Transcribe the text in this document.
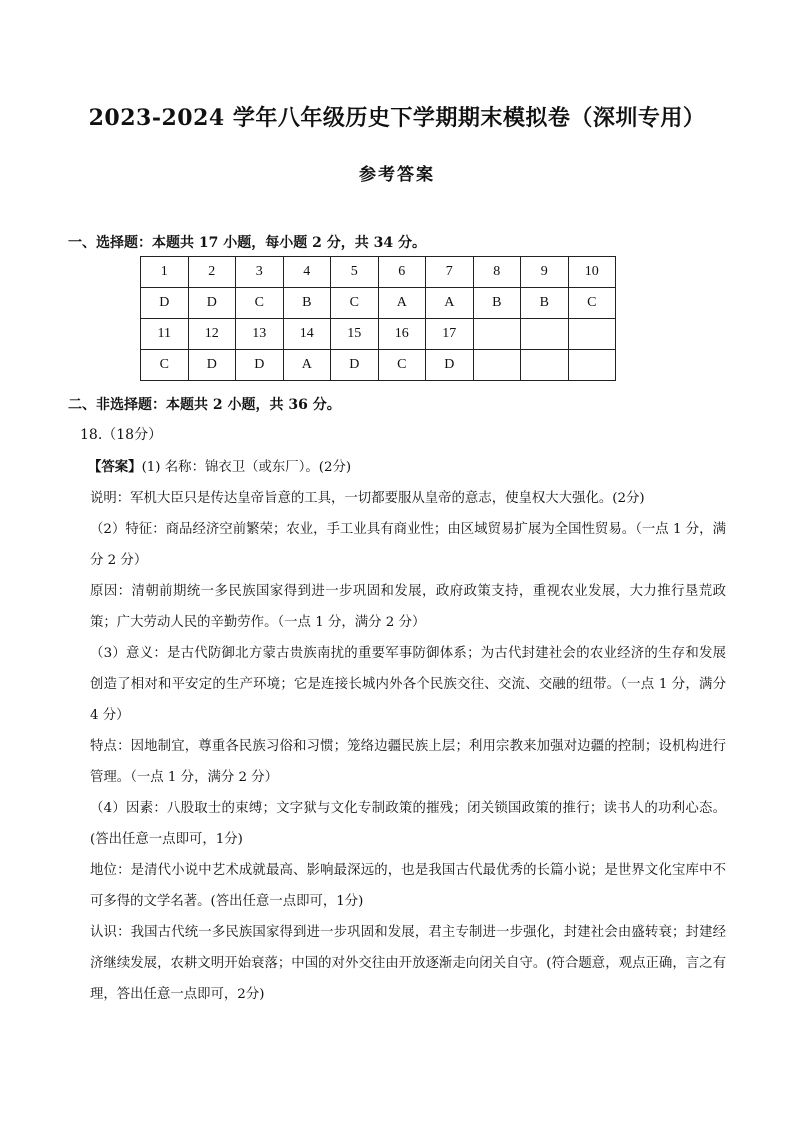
2023-2024 学年八年级历史下学期期末模拟卷（深圳专用）
参考答案
一、选择题：本题共 17 小题，每小题 2 分，共 34 分。
1	2	3	4	5	6	7	8	9	10
D	D	C	B	C	A	A	B	B	C
11	12	13	14	15	16	17			
C	D	D	A	D	C	D			
二、非选择题：本题共 2 小题，共 36 分。
18.（18分）

【答案】(1) 名称：锦衣卫（或东厂）。(2分)

说明：军机大臣只是传达皇帝旨意的工具，一切都要服从皇帝的意志，使皇权大大强化。(2分)

（2）特征：商品经济空前繁荣；农业，手工业具有商业性；由区域贸易扩展为全国性贸易。（一点 1 分，满分 2 分）

原因：清朝前期统一多民族国家得到进一步巩固和发展，政府政策支持，重视农业发展，大力推行垦荒政策；广大劳动人民的辛勤劳作。（一点 1 分，满分 2 分）

（3）意义：是古代防御北方蒙古贵族南扰的重要军事防御体系；为古代封建社会的农业经济的生存和发展创造了相对和平安定的生产环境；它是连接长城内外各个民族交往、交流、交融的纽带。（一点 1 分，满分 4 分）

特点：因地制宜，尊重各民族习俗和习惯；笼络边疆民族上层；利用宗教来加强对边疆的控制；设机构进行管理。（一点 1 分，满分 2 分）

（4）因素：八股取士的束缚；文字狱与文化专制政策的摧残；闭关锁国政策的推行；读书人的功利心态。(答出任意一点即可，1分)

地位：是清代小说中艺术成就最高、影响最深远的，也是我国古代最优秀的长篇小说；是世界文化宝库中不可多得的文学名著。(答出任意一点即可，1分)

认识：我国古代统一多民族国家得到进一步巩固和发展，君主专制进一步强化，封建社会由盛转衰；封建经济继续发展，农耕文明开始衰落；中国的对外交往由开放逐渐走向闭关自守。(符合题意，观点正确，言之有理，答出任意一点即可，2分)
